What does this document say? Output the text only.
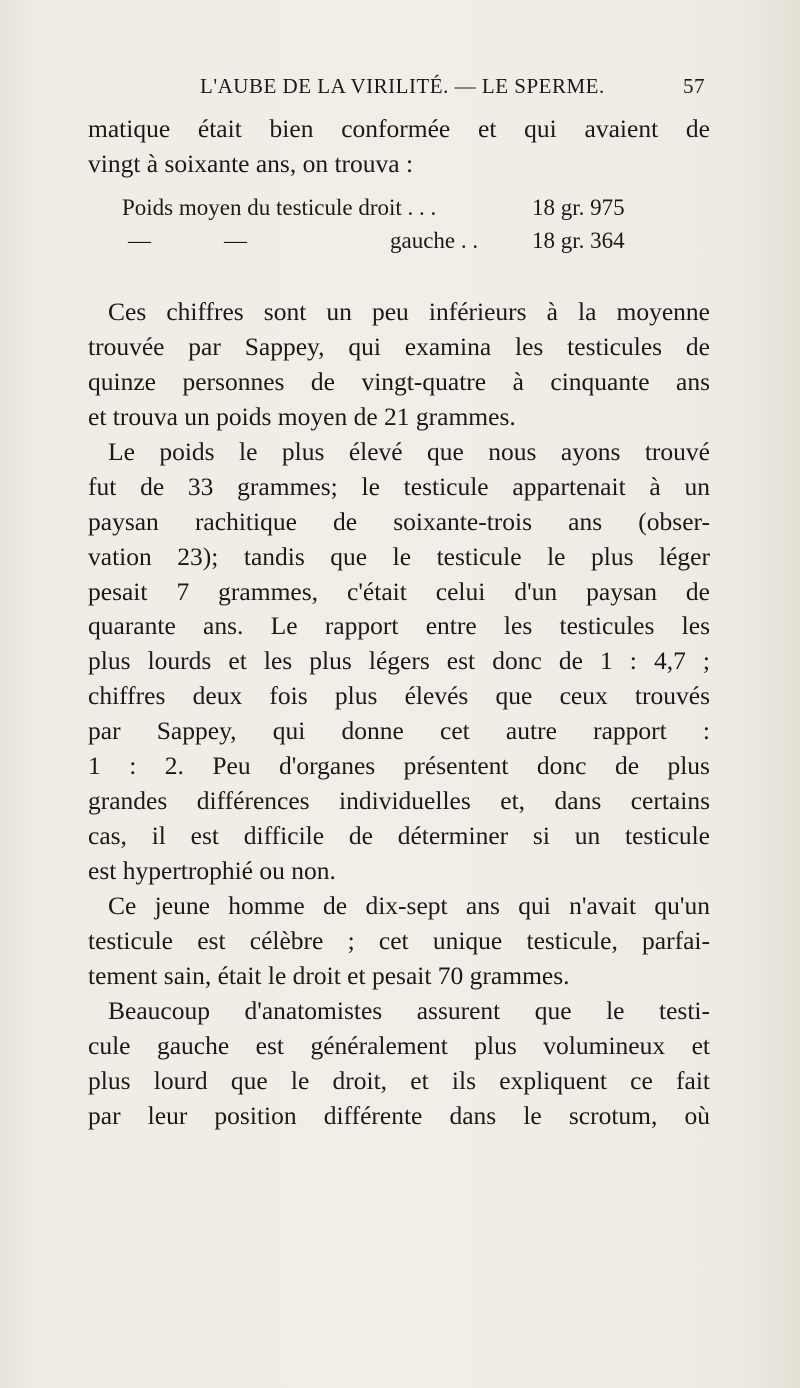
L'AUBE DE LA VIRILITÉ. — LE SPERME.	57
matique était bien conformée et qui avaient de
vingt à soixante ans, on trouva :
Poids moyen du testicule droit . . .	18 gr. 975
—	—	gauche . . 18 gr. 364
Ces chiffres sont un peu inférieurs à la moyenne
trouvée par Sappey, qui examina les testicules de
quinze personnes de vingt-quatre à cinquante ans
et trouva un poids moyen de 21 grammes.
Le poids le plus élevé que nous ayons trouvé
fut de 33 grammes; le testicule appartenait à un
paysan rachitique de soixante-trois ans (obser-
vation 23); tandis que le testicule le plus léger
pesait 7 grammes, c'était celui d'un paysan de
quarante ans. Le rapport entre les testicules les
plus lourds et les plus légers est donc de 1 : 4,7 ;
chiffres deux fois plus élevés que ceux trouvés
par Sappey, qui donne cet autre rapport :
1 : 2. Peu d'organes présentent donc de plus
grandes différences individuelles et, dans certains
cas, il est difficile de déterminer si un testicule
est hypertrophié ou non.
Ce jeune homme de dix-sept ans qui n'avait qu'un
testicule est célèbre ; cet unique testicule, parfai-
tement sain, était le droit et pesait 70 grammes.
Beaucoup d'anatomistes assurent que le testi-
cule gauche est généralement plus volumineux et
plus lourd que le droit, et ils expliquent ce fait
par leur position différente dans le scrotum, où
